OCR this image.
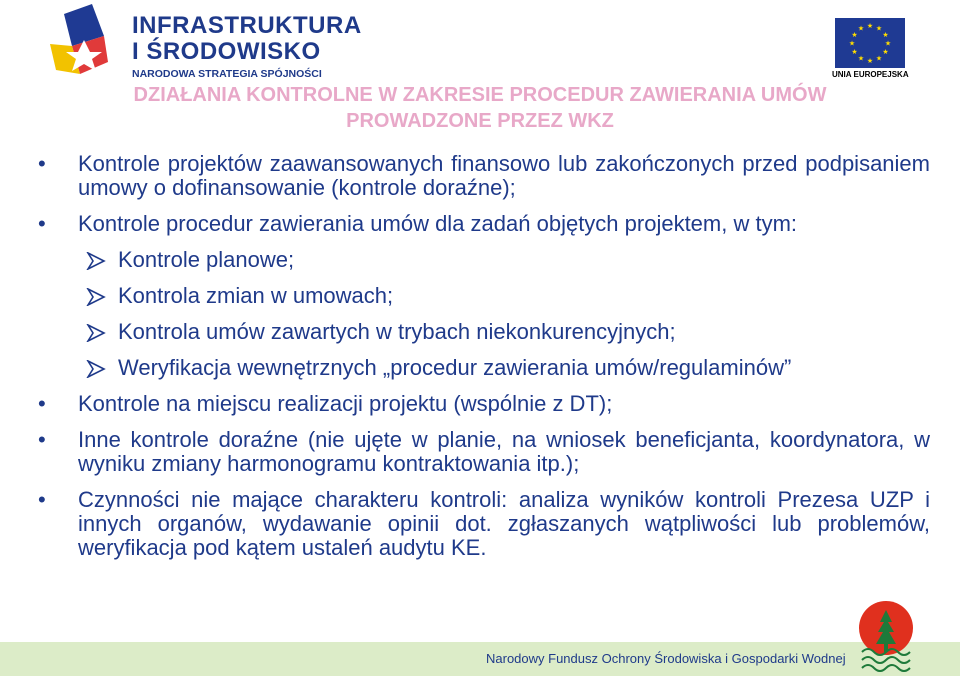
INFRASTRUKTURA
I ŚRODOWISKO
NARODOWA STRATEGIA SPÓJNOŚCI
★ ★
★
★
★
★
★
★
★
★
★
★
UNIA EUROPEJSKA
DZIAŁANIA KONTROLNE W ZAKRESIE PROCEDUR ZAWIERANIA UMÓW
PROWADZONE PRZEZ WKZ
• Kontrole projektów zaawansowanych finansowo lub zakończonych przed podpisaniem umowy o dofinansowanie (kontrole doraźne);
• Kontrole procedur zawierania umów dla zadań objętych projektem, w tym:
Kontrole planowe;
Kontrola zmian w umowach;
Kontrola umów zawartych w trybach niekonkurencyjnych;
Weryfikacja wewnętrznych „procedur zawierania umów/regulaminów”
• Kontrole na miejscu realizacji projektu (wspólnie z DT);
• Inne kontrole doraźne (nie ujęte w planie, na wniosek beneficjanta, koordynatora, w wyniku zmiany harmonogramu kontraktowania itp.);
• Czynności nie mające charakteru kontroli: analiza wyników kontroli Prezesa UZP i innych organów, wydawanie opinii dot. zgłaszanych wątpliwości lub problemów, weryfikacja pod kątem ustaleń audytu KE.
Narodowy Fundusz Ochrony Środowiska i Gospodarki Wodnej
